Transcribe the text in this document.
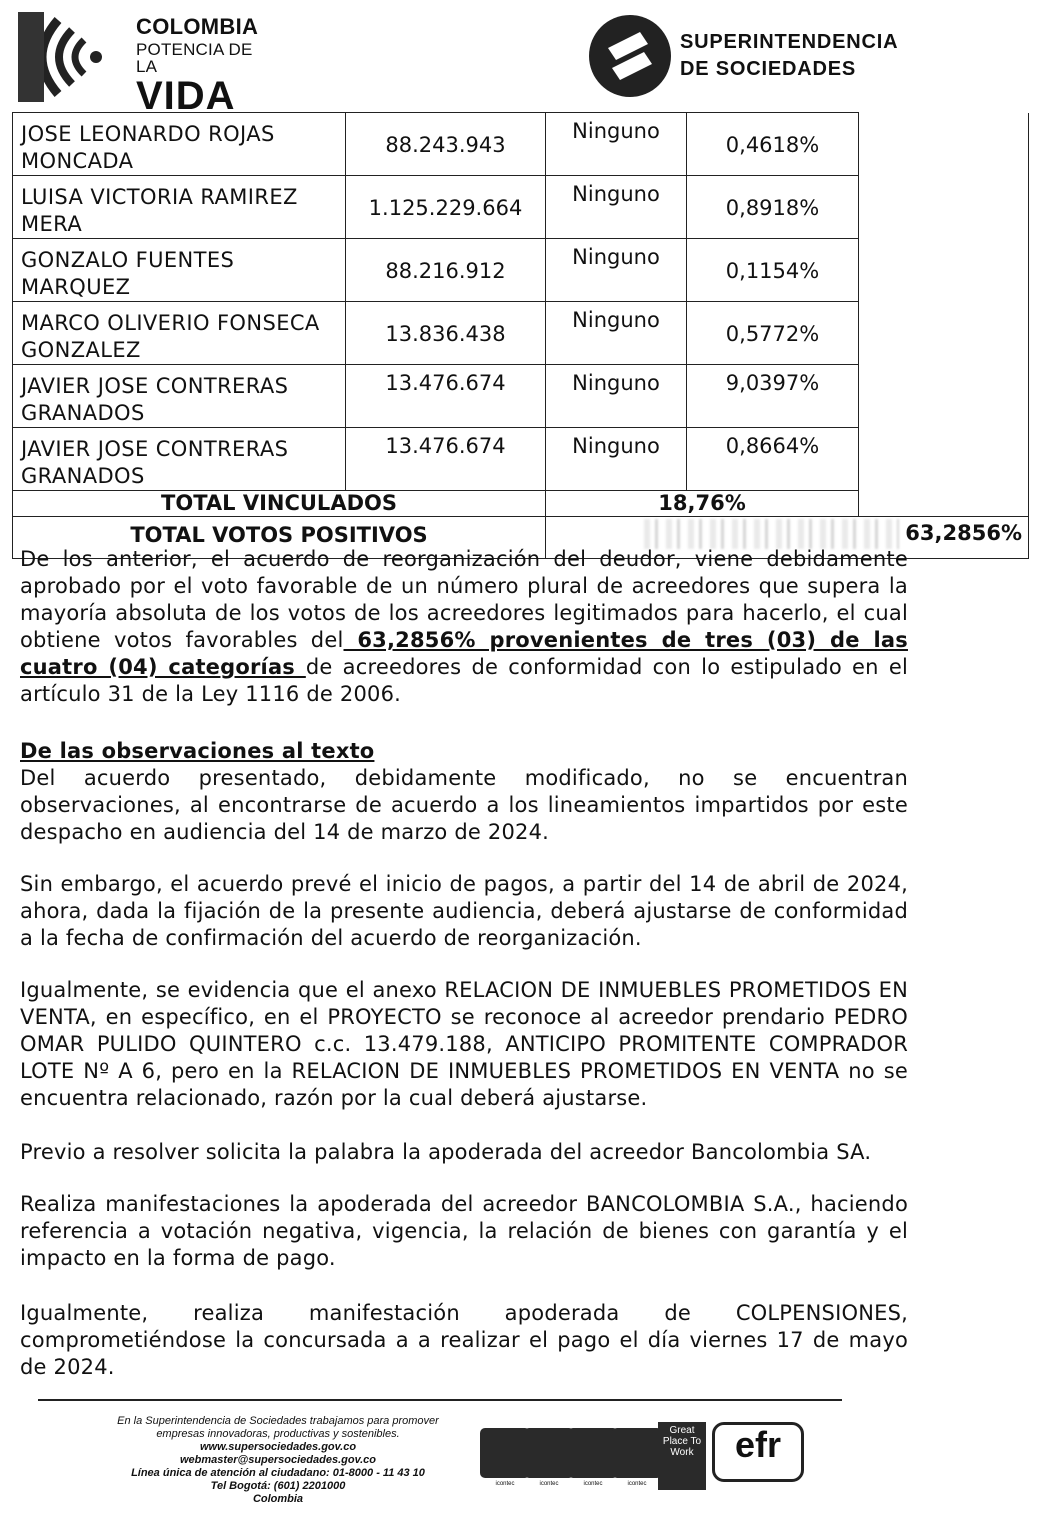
COLOMBIA
POTENCIA DE LA
VIDA
SUPERINTENDENCIA
DE SOCIEDADES
JOSE LEONARDO ROJAS MONCADA	88.243.943	Ninguno	0,4618%	
LUISA VICTORIA RAMIREZ MERA	1.125.229.664	Ninguno	0,8918%	
GONZALO FUENTES MARQUEZ	88.216.912	Ninguno	0,1154%	
MARCO OLIVERIO FONSECA GONZALEZ	13.836.438	Ninguno	0,5772%	
JAVIER JOSE CONTRERAS GRANADOS	13.476.674	Ninguno	9,0397%	
JAVIER JOSE CONTRERAS GRANADOS	13.476.674	Ninguno	0,8664%	
TOTAL VINCULADOS		18,76%		
TOTAL VOTOS POSITIVOS		63,2856%		

De los anterior, el acuerdo de reorganización del deudor, viene debidamente aprobado por el voto favorable de un número plural de acreedores que supera la mayoría absoluta de los votos de los acreedores legitimados para hacerlo, el cual obtiene votos favorables del 63,2856% provenientes de tres (03) de las cuatro (04) categorías de acreedores de conformidad con lo estipulado en el artículo 31 de la Ley 1116 de 2006.

De las observaciones al texto

Del acuerdo presentado, debidamente modificado, no se encuentran observaciones, al encontrarse de acuerdo a los lineamientos impartidos por este despacho en audiencia del 14 de marzo de 2024.

Sin embargo, el acuerdo prevé el inicio de pagos, a partir del 14 de abril de 2024, ahora, dada la fijación de la presente audiencia, deberá ajustarse de conformidad a la fecha de confirmación del acuerdo de reorganización.
Igualmente, se evidencia que el anexo RELACION DE INMUEBLES PROMETIDOS EN VENTA, en específico, en el PROYECTO se reconoce al acreedor prendario PEDRO OMAR PULIDO QUINTERO c.c. 13.479.188, ANTICIPO PROMITENTE COMPRADOR LOTE Nº A 6, pero en la RELACION DE INMUEBLES PROMETIDOS EN VENTA no se encuentra relacionado, razón por la cual deberá ajustarse.
Previo a resolver solicita la palabra la apoderada del acreedor Bancolombia SA.
Realiza manifestaciones la apoderada del acreedor BANCOLOMBIA S.A., haciendo referencia a votación negativa, vigencia, la relación de bienes con garantía y el impacto en la forma de pago.
Igualmente, realiza manifestación apoderada de COLPENSIONES, comprometiéndose la concursada a a realizar el pago el día viernes 17 de mayo de 2024.
En la Superintendencia de Sociedades trabajamos para promover
empresas innovadoras, productivas y sostenibles.
www.supersociedades.gov.co
webmaster@supersociedades.gov.co
Línea única de atención al ciudadano: 01-8000 - 11 43 10
Tel Bogotá: (601) 2201000
Colombia
icontec	icontec	icontec	icontec
Great Place To Work	efr
